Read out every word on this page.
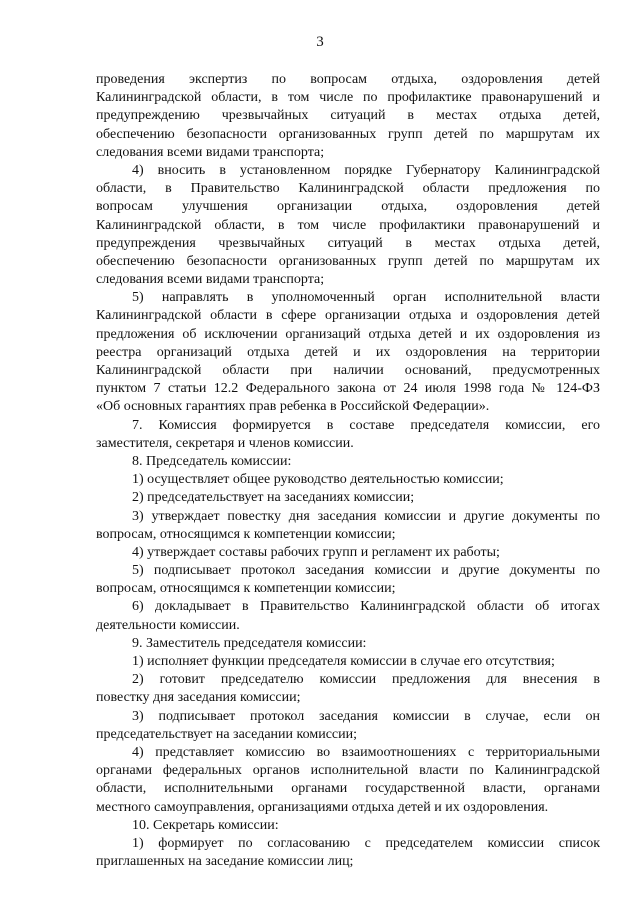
3
проведения экспертиз по вопросам отдыха, оздоровления детей
Калининградской области, в том числе по профилактике правонарушений и
предупреждению чрезвычайных ситуаций в местах отдыха детей,
обеспечению безопасности организованных групп детей по маршрутам их
следования всеми видами транспорта;
4) вносить в установленном порядке Губернатору Калининградской
области, в Правительство Калининградской области предложения по
вопросам улучшения организации отдыха, оздоровления детей
Калининградской области, в том числе профилактики правонарушений и
предупреждения чрезвычайных ситуаций в местах отдыха детей,
обеспечению безопасности организованных групп детей по маршрутам их
следования всеми видами транспорта;
5) направлять в уполномоченный орган исполнительной власти
Калининградской области в сфере организации отдыха и оздоровления детей
предложения об исключении организаций отдыха детей и их оздоровления из
реестра организаций отдыха детей и их оздоровления на территории
Калининградской области при наличии оснований, предусмотренных
пунктом 7 статьи 12.2 Федерального закона от 24 июля 1998 года № 124-ФЗ
«Об основных гарантиях прав ребенка в Российской Федерации».
7. Комиссия формируется в составе председателя комиссии, его
заместителя, секретаря и членов комиссии.
8. Председатель комиссии:
1) осуществляет общее руководство деятельностью комиссии;
2) председательствует на заседаниях комиссии;
3) утверждает повестку дня заседания комиссии и другие документы по
вопросам, относящимся к компетенции комиссии;
4) утверждает составы рабочих групп и регламент их работы;
5) подписывает протокол заседания комиссии и другие документы по
вопросам, относящимся к компетенции комиссии;
6) докладывает в Правительство Калининградской области об итогах
деятельности комиссии.
9. Заместитель председателя комиссии:
1) исполняет функции председателя комиссии в случае его отсутствия;
2) готовит председателю комиссии предложения для внесения в
повестку дня заседания комиссии;
3) подписывает протокол заседания комиссии в случае, если он
председательствует на заседании комиссии;
4) представляет комиссию во взаимоотношениях с территориальными
органами федеральных органов исполнительной власти по Калининградской
области, исполнительными органами государственной власти, органами
местного самоуправления, организациями отдыха детей и их оздоровления.
10. Секретарь комиссии:
1) формирует по согласованию с председателем комиссии список
приглашенных на заседание комиссии лиц;
